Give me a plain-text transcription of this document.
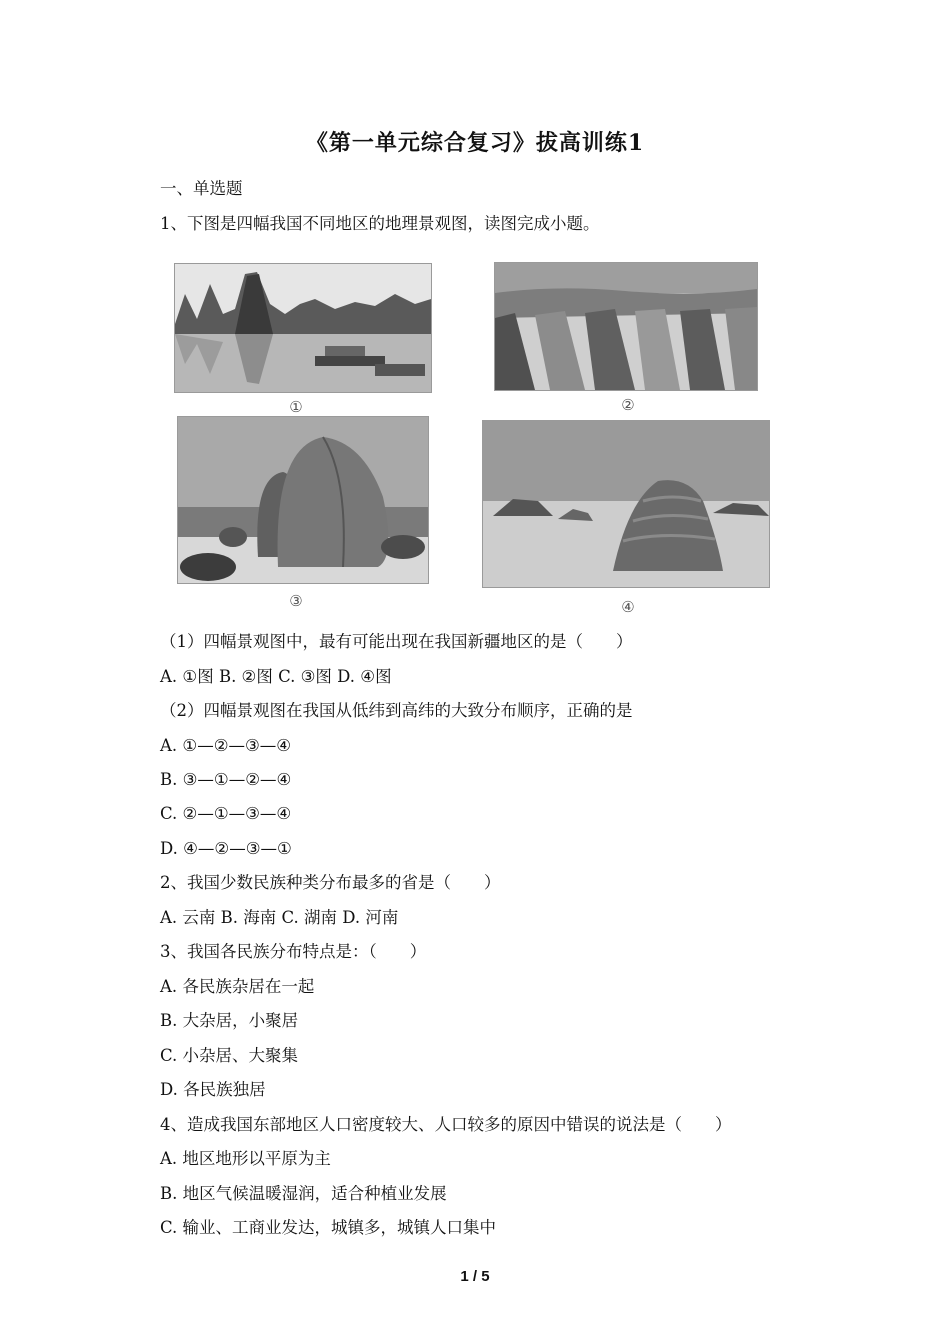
《第一单元综合复习》拔高训练1
一、单选题
1、下图是四幅我国不同地区的地理景观图，读图完成小题。
①	②
③	④
（1）四幅景观图中，最有可能出现在我国新疆地区的是（　　）
A. ①图 B. ②图 C. ③图 D. ④图
（2）四幅景观图在我国从低纬到高纬的大致分布顺序，正确的是
A. ①—②—③—④
B. ③—①—②—④
C. ②—①—③—④
D. ④—②—③—①
2、我国少数民族种类分布最多的省是（　　）
A. 云南 B. 海南 C. 湖南 D. 河南
3、我国各民族分布特点是：（　　）
A. 各民族杂居在一起
B. 大杂居，小聚居
C. 小杂居、大聚集
D. 各民族独居
4、造成我国东部地区人口密度较大、人口较多的原因中错误的说法是（　　）
A. 地区地形以平原为主
B. 地区气候温暖湿润，适合种植业发展
C. 输业、工商业发达，城镇多，城镇人口集中
1 / 5
